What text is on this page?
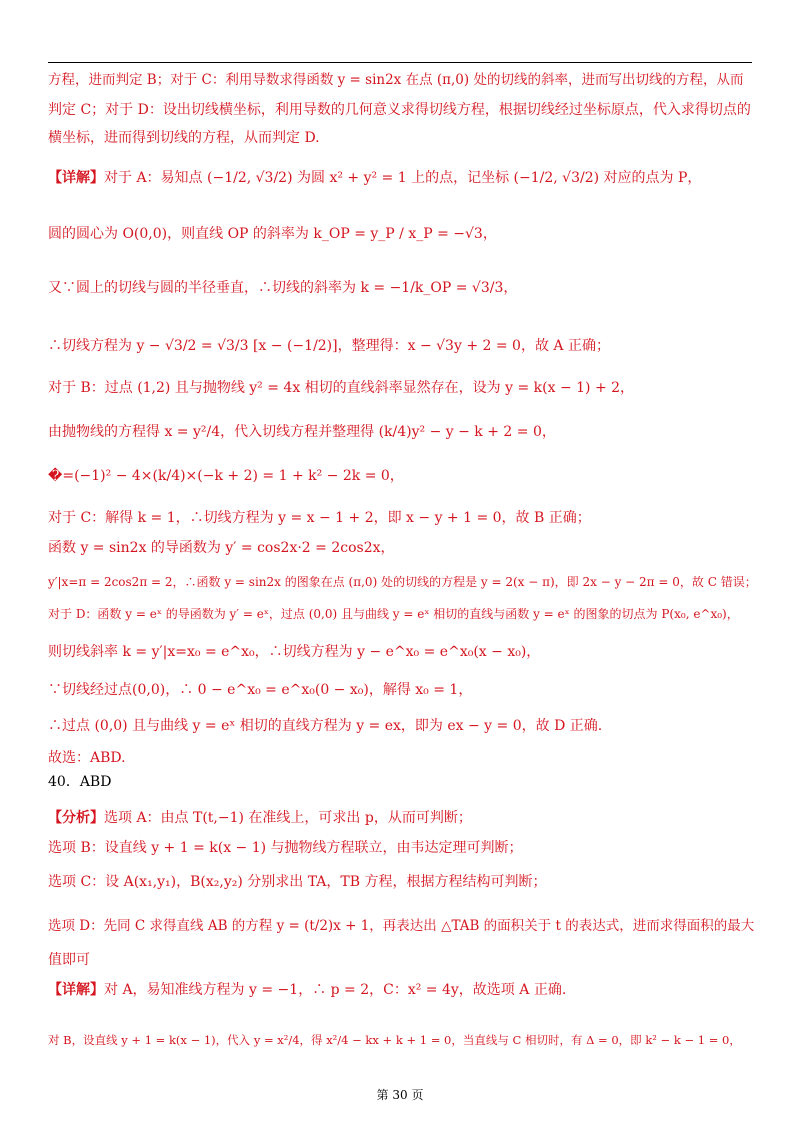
方程，进而判定 B；对于 C：利用导数求得函数 y = sin2x 在点 (π,0) 处的切线的斜率，进而写出切线的方程，从而
判定 C；对于 D：设出切线横坐标，利用导数的几何意义求得切线方程，根据切线经过坐标原点，代入求得切点的
横坐标，进而得到切线的方程，从而判定 D.
【详解】对于 A：易知点 (−1/2, √3/2) 为圆 x² + y² = 1 上的点，记坐标 (−1/2, √3/2) 对应的点为 P，
圆的圆心为 O(0,0)，则直线 OP 的斜率为 k_OP = y_P / x_P = −√3，
又∵圆上的切线与圆的半径垂直，∴切线的斜率为 k = −1/k_OP = √3/3，
∴切线方程为 y − √3/2 = √3/3 [x − (−1/2)]，整理得：x − √3y + 2 = 0，故 A 正确；
对于 B：过点 (1,2) 且与抛物线 y² = 4x 相切的直线斜率显然存在，设为 y = k(x − 1) + 2，
由抛物线的方程得 x = y²/4，代入切线方程并整理得 (k/4)y² − y − k + 2 = 0，
�=(−1)² − 4×(k/4)×(−k + 2) = 1 + k² − 2k = 0，
对于 C：解得 k = 1，∴切线方程为 y = x − 1 + 2，即 x − y + 1 = 0，故 B 正确；
函数 y = sin2x 的导函数为 y′ = cos2x·2 = 2cos2x，
y′|x=π = 2cos2π = 2，∴函数 y = sin2x 的图象在点 (π,0) 处的切线的方程是 y = 2(x − π)，即 2x − y − 2π = 0，故 C 错误；
对于 D：函数 y = eˣ 的导函数为 y′ = eˣ，过点 (0,0) 且与曲线 y = eˣ 相切的直线与函数 y = eˣ 的图象的切点为 P(x₀, e^x₀)，
则切线斜率 k = y′|x=x₀ = e^x₀，∴切线方程为 y − e^x₀ = e^x₀(x − x₀)，
∵切线经过点(0,0)，∴ 0 − e^x₀ = e^x₀(0 − x₀)，解得 x₀ = 1，
∴过点 (0,0) 且与曲线 y = eˣ 相切的直线方程为 y = ex，即为 ex − y = 0，故 D 正确.
故选：ABD.
40．ABD
【分析】选项 A：由点 T(t,−1) 在准线上，可求出 p，从而可判断；
选项 B：设直线 y + 1 = k(x − 1) 与抛物线方程联立，由韦达定理可判断；
选项 C：设 A(x₁,y₁)，B(x₂,y₂) 分别求出 TA，TB 方程，根据方程结构可判断；
选项 D：先同 C 求得直线 AB 的方程 y = (t/2)x + 1，再表达出 △TAB 的面积关于 t 的表达式，进而求得面积的最大
值即可
【详解】对 A，易知准线方程为 y = −1，∴ p = 2，C：x² = 4y，故选项 A 正确.
对 B，设直线 y + 1 = k(x − 1)，代入 y = x²/4，得 x²/4 − kx + k + 1 = 0，当直线与 C 相切时，有 Δ = 0，即 k² − k − 1 = 0，
第 30 页
